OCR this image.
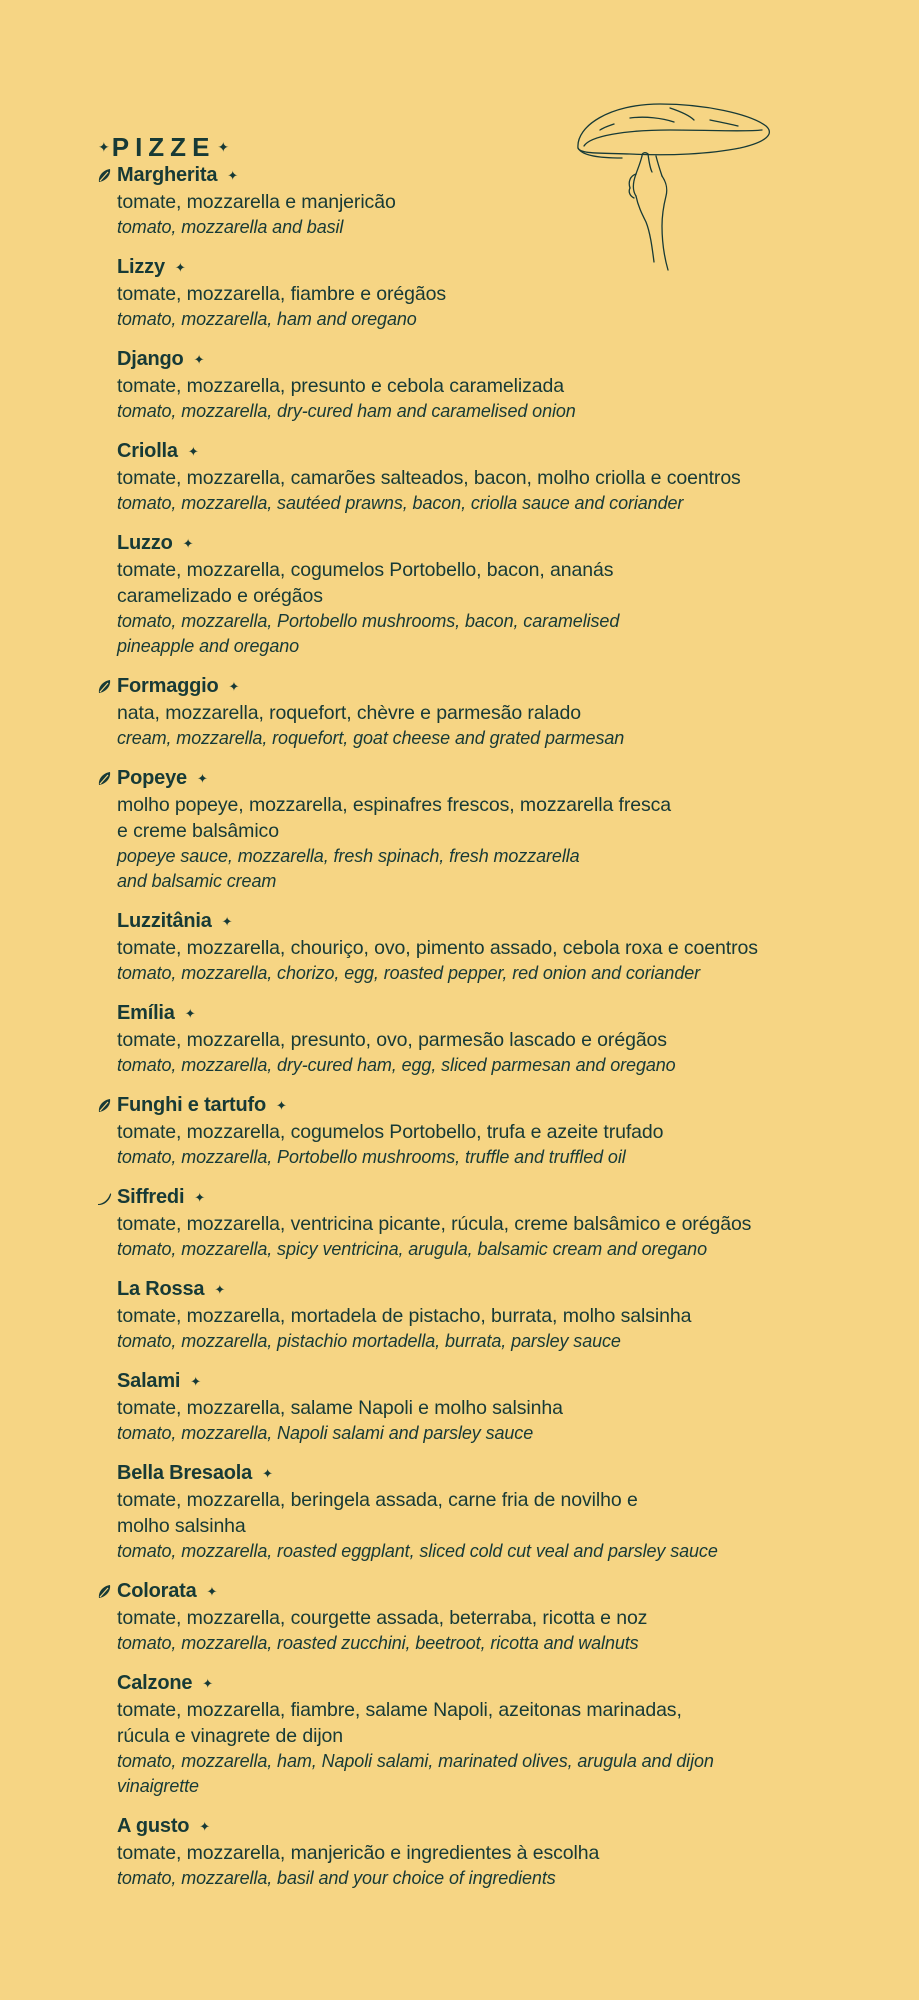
✦ PIZZE ✦
Margherita ✦
tomate, mozzarella e manjericão
tomato, mozzarella and basil
Lizzy ✦
tomate, mozzarella, fiambre e orégãos
tomato, mozzarella, ham and oregano
Django ✦
tomate, mozzarella, presunto e cebola caramelizada
tomato, mozzarella, dry-cured ham and caramelised onion
Criolla ✦
tomate, mozzarella, camarões salteados, bacon, molho criolla e coentros
tomato, mozzarella, sautéed prawns, bacon, criolla sauce and coriander
Luzzo ✦
tomate, mozzarella, cogumelos Portobello, bacon, ananás
caramelizado e orégãos
tomato, mozzarella, Portobello mushrooms, bacon, caramelised
pineapple and oregano
Formaggio ✦
nata, mozzarella, roquefort, chèvre e parmesão ralado
cream, mozzarella, roquefort, goat cheese and grated parmesan
Popeye ✦
molho popeye, mozzarella, espinafres frescos, mozzarella fresca
e creme balsâmico
popeye sauce, mozzarella, fresh spinach, fresh mozzarella
and balsamic cream
Luzzitânia ✦
tomate, mozzarella, chouriço, ovo, pimento assado, cebola roxa e coentros
tomato, mozzarella, chorizo, egg, roasted pepper, red onion and coriander
Emília ✦
tomate, mozzarella, presunto, ovo, parmesão lascado e orégãos
tomato, mozzarella, dry-cured ham, egg, sliced parmesan and oregano
Funghi e tartufo ✦
tomate, mozzarella, cogumelos Portobello, trufa e azeite trufado
tomato, mozzarella, Portobello mushrooms, truffle and truffled oil
Siffredi ✦
tomate, mozzarella, ventricina picante, rúcula, creme balsâmico e orégãos
tomato, mozzarella, spicy ventricina, arugula, balsamic cream and oregano
La Rossa ✦
tomate, mozzarella, mortadela de pistacho, burrata, molho salsinha
tomato, mozzarella, pistachio mortadella, burrata, parsley sauce
Salami ✦
tomate, mozzarella, salame Napoli e molho salsinha
tomato, mozzarella, Napoli salami and parsley sauce
Bella Bresaola ✦
tomate, mozzarella, beringela assada, carne fria de novilho e
molho salsinha
tomato, mozzarella, roasted eggplant, sliced cold cut veal and parsley sauce
Colorata ✦
tomate, mozzarella, courgette assada, beterraba, ricotta e noz
tomato, mozzarella, roasted zucchini, beetroot, ricotta and walnuts
Calzone ✦
tomate, mozzarella, fiambre, salame Napoli, azeitonas marinadas,
rúcula e vinagrete de dijon
tomato, mozzarella, ham, Napoli salami, marinated olives, arugula and dijon
vinaigrette
A gusto ✦
tomate, mozzarella, manjericão e ingredientes à escolha
tomato, mozzarella, basil and your choice of ingredients
